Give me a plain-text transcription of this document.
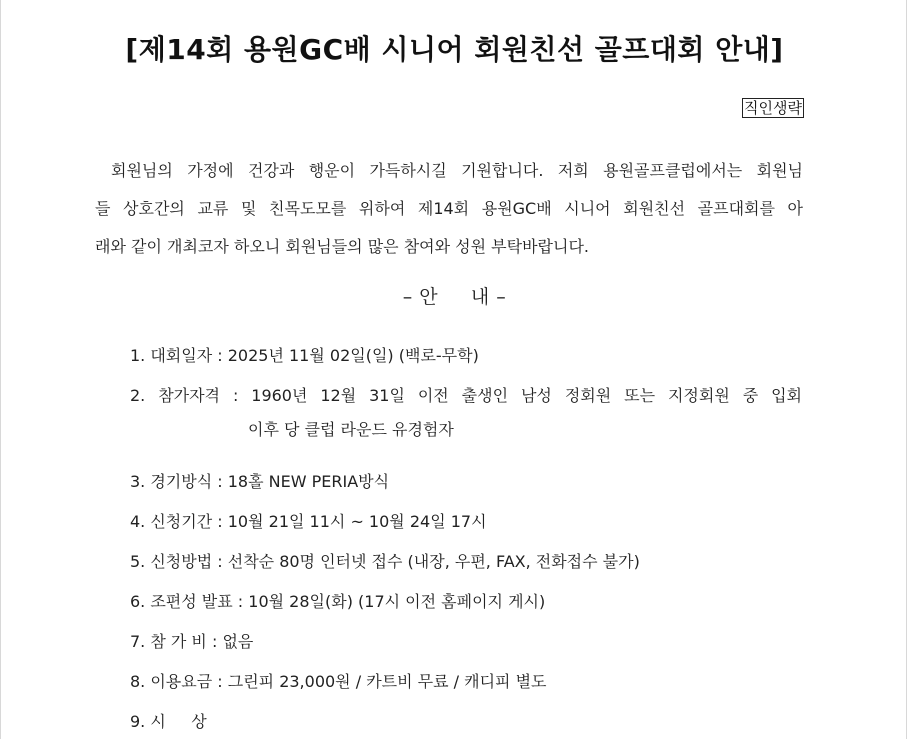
[제14회 용원GC배 시니어 회원친선 골프대회 안내]
직인생략
회원님의 가정에 건강과 행운이 가득하시길 기원합니다. 저희 용원골프클럽에서는 회원님
들 상호간의 교류 및 친목도모를 위하여 제14회 용원GC배 시니어 회원친선 골프대회를 아
래와 같이 개최코자 하오니 회원님들의 많은 참여와 성원 부탁바랍니다.
– 안     내 –
1. 대회일자 : 2025년 11월 02일(일) (백로-무학)
2. 참가자격 : 1960년 12월 31일 이전 출생인 남성 정회원 또는 지정회원 중 입회
이후 당 클럽 라운드 유경험자
3. 경기방식 : 18홀 NEW PERIA방식
4. 신청기간 : 10월 21일 11시 ~ 10월 24일 17시
5. 신청방법 : 선착순 80명 인터넷 접수 (내장, 우편, FAX, 전화접수 불가)
6. 조편성 발표 : 10월 28일(화) (17시 이전 홈페이지 게시)
7. 참 가 비 : 없음
8. 이용요금 : 그린피 23,000원 / 카트비 무료 / 캐디피 별도
9. 시     상
